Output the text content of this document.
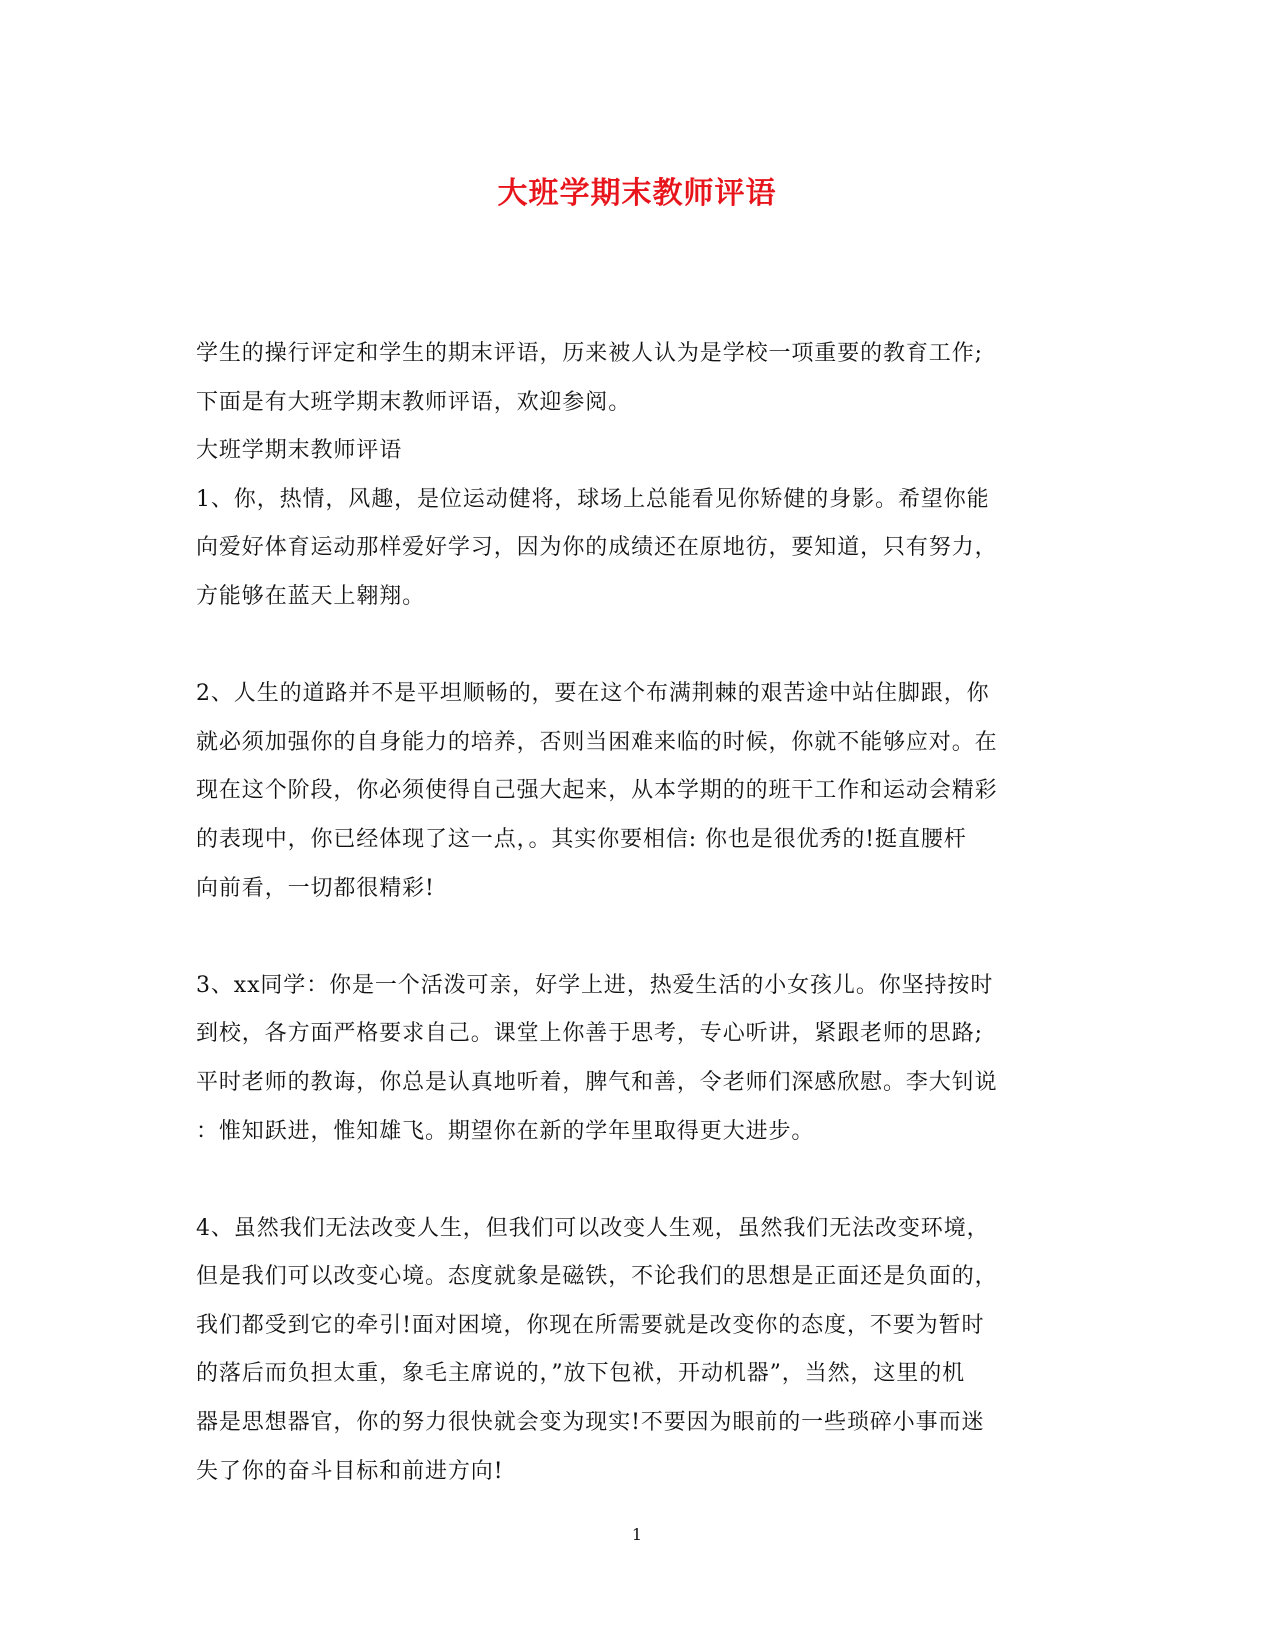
大班学期末教师评语
学生的操行评定和学生的期末评语，历来被人认为是学校一项重要的教育工作;
下面是有大班学期末教师评语，欢迎参阅。
大班学期末教师评语
1、你，热情，风趣，是位运动健将，球场上总能看见你矫健的身影。希望你能
向爱好体育运动那样爱好学习，因为你的成绩还在原地彷，要知道，只有努力，
方能够在蓝天上翱翔。
2、人生的道路并不是平坦顺畅的，要在这个布满荆棘的艰苦途中站住脚跟，你
就必须加强你的自身能力的培养，否则当困难来临的时候，你就不能够应对。在
现在这个阶段，你必须使得自己强大起来，从本学期的的班干工作和运动会精彩
的表现中，你已经体现了这一点，。其实你要相信: 你也是很优秀的!挺直腰杆
向前看，一切都很精彩!
3、xx同学：你是一个活泼可亲，好学上进，热爱生活的小女孩儿。你坚持按时
到校，各方面严格要求自己。课堂上你善于思考，专心听讲，紧跟老师的思路;
平时老师的教诲，你总是认真地听着，脾气和善，令老师们深感欣慰。李大钊说
：惟知跃进，惟知雄飞。期望你在新的学年里取得更大进步。
4、虽然我们无法改变人生，但我们可以改变人生观，虽然我们无法改变环境，
但是我们可以改变心境。态度就象是磁铁，不论我们的思想是正面还是负面的，
我们都受到它的牵引!面对困境，你现在所需要就是改变你的态度，不要为暂时
的落后而负担太重，象毛主席说的，”放下包袱，开动机器”，当然，这里的机
器是思想器官，你的努力很快就会变为现实!不要因为眼前的一些琐碎小事而迷
失了你的奋斗目标和前进方向!
1
